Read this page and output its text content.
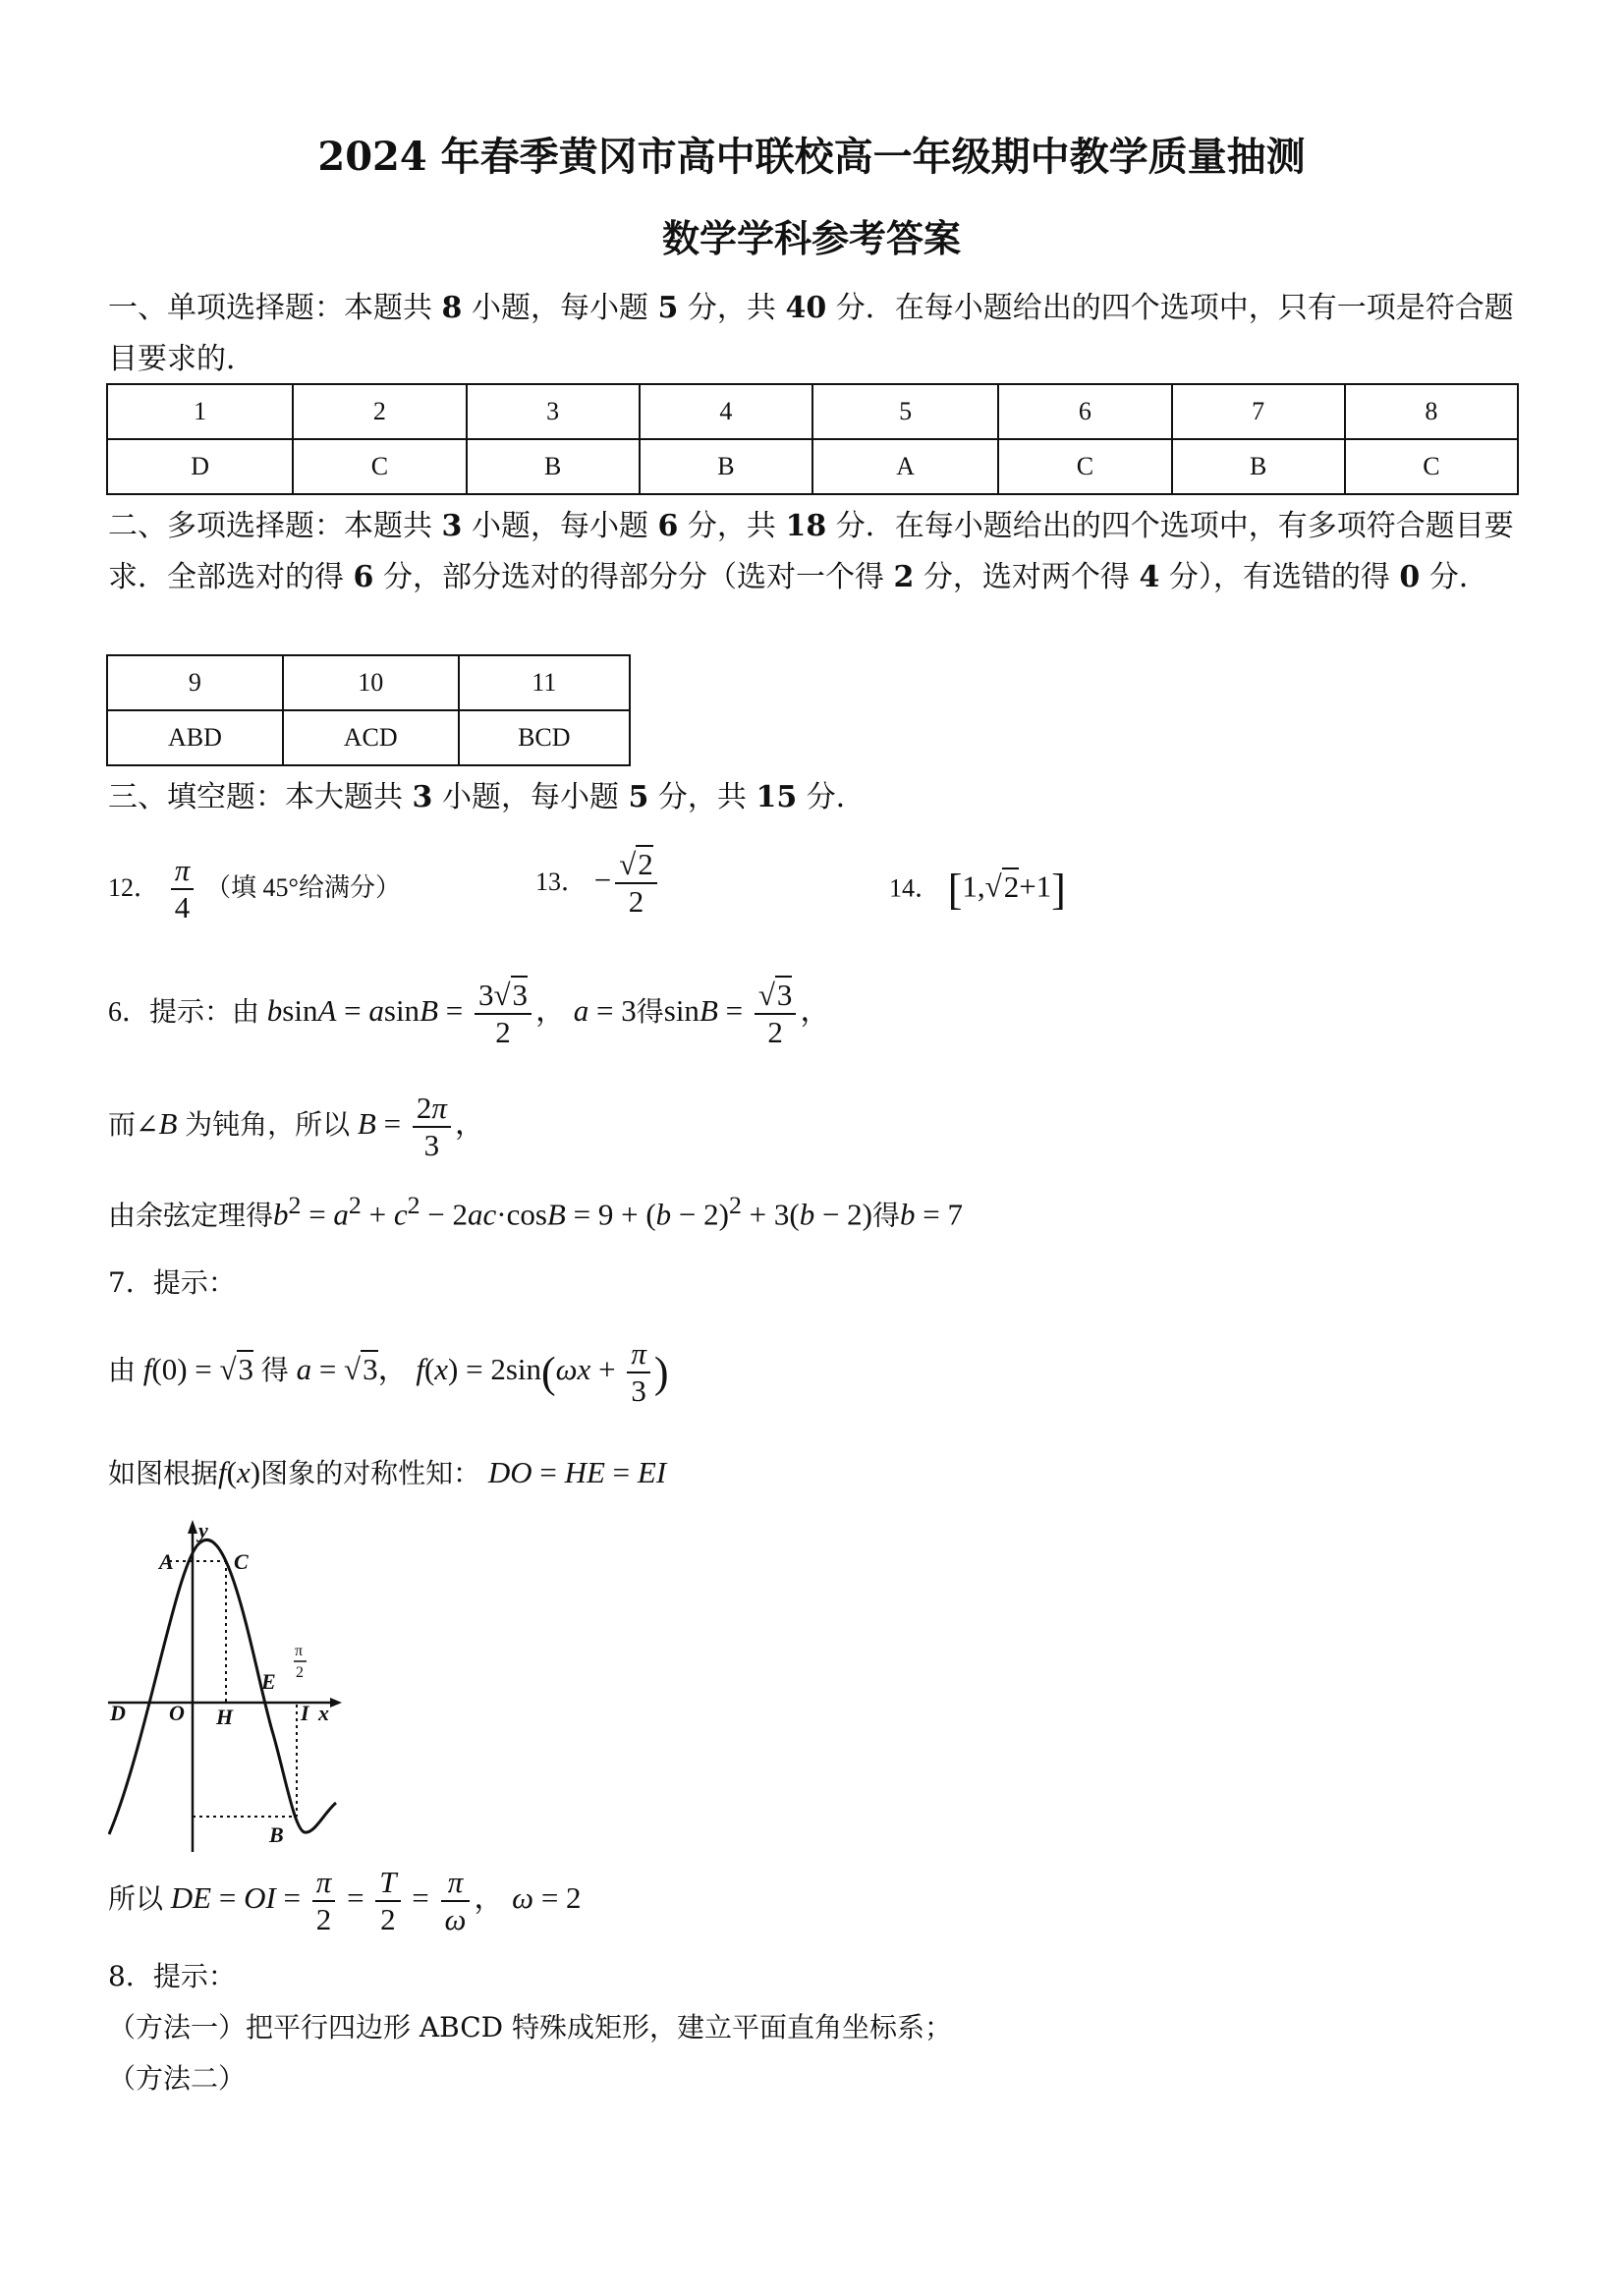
2024 年春季黄冈市高中联校高一年级期中教学质量抽测
数学学科参考答案
一、单项选择题：本题共 8 小题，每小题 5 分，共 40 分．在每小题给出的四个选项中，只有一项是符合题目要求的．
1	2	3	4	5	6	7	8
D	C	B	B	A	C	B	C
二、多项选择题：本题共 3 小题，每小题 6 分，共 18 分．在每小题给出的四个选项中，有多项符合题目要求．全部选对的得 6 分，部分选对的得部分分（选对一个得 2 分，选对两个得 4 分），有选错的得 0 分．
9	10	11
ABD	ACD	BCD
三、填空题：本大题共 3 小题，每小题 5 分，共 15 分．
12． $\frac{\pi}{4}$ （填 45°给满分）	13． − $\frac{√2}{2}$	14． [1,√2+1]
6．提示：由 $bsinA = asinB = \frac{3√3}{2}$ ， a = 3得$\sin B = \frac{√3}{2}$ ，
而∠B 为钝角，所以 $B = \frac{2\pi}{3}$ ，
由余弦定理得$b^2 = a^2 + c^2 - 2ac\cdot\cos B = 9 + (b - 2)^2 + 3(b - 2)$得b = 7
7．提示：
由 f(0) = √3 得 a = √3， $f(x) = 2\sin(\omega x + \frac{\pi}{3}$ )
如图根据f(x)图象的对称性知： DO = HE = EI
y
A	C
E
D O H	I x
B
π
2
所以 DE = OI = $\frac{\pi}{2} = \frac{T}{2} = \frac{\pi}{\omega}$ ， ω = 2
8．提示：
（方法一）把平行四边形 ABCD 特殊成矩形，建立平面直角坐标系；
（方法二）
